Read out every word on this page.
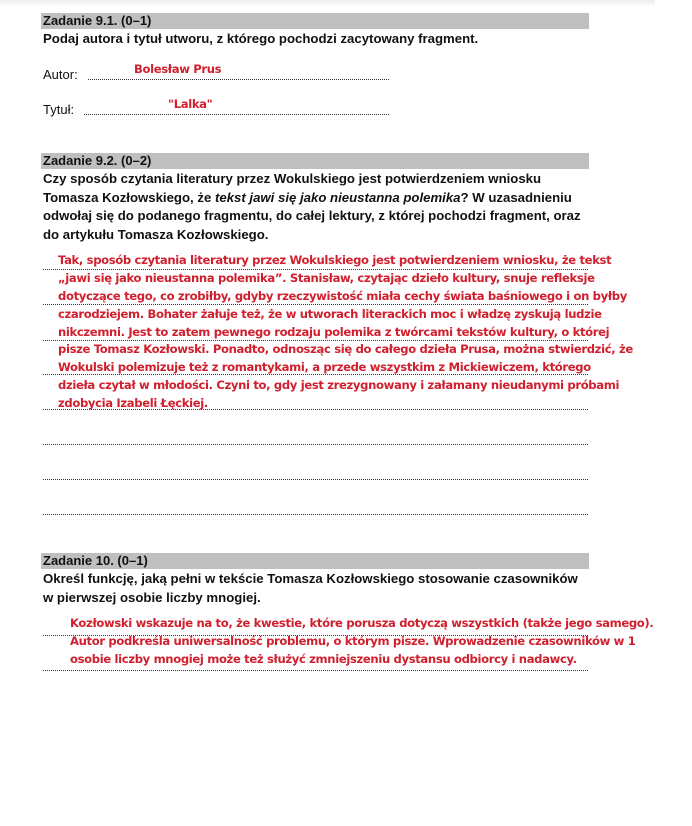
Zadanie 9.1. (0–1)
Podaj autora i tytuł utworu, z którego pochodzi zacytowany fragment.
Autor:	Bolesław Prus
Tytuł:	"Lalka"
Zadanie 9.2. (0–2)
Czy sposób czytania literatury przez Wokulskiego jest potwierdzeniem wniosku
Tomasza Kozłowskiego, że tekst jawi się jako nieustanna polemika? W uzasadnieniu
odwołaj się do podanego fragmentu, do całej lektury, z której pochodzi fragment, oraz
do artykułu Tomasza Kozłowskiego.
Tak, sposób czytania literatury przez Wokulskiego jest potwierdzeniem wniosku, że tekst
„jawi się jako nieustanna polemika”. Stanisław, czytając dzieło kultury, snuje refleksje
dotyczące tego, co zrobiłby, gdyby rzeczywistość miała cechy świata baśniowego i on byłby
czarodziejem. Bohater żałuje też, że w utworach literackich moc i władzę zyskują ludzie
nikczemni. Jest to zatem pewnego rodzaju polemika z twórcami tekstów kultury, o której
pisze Tomasz Kozłowski. Ponadto, odnosząc się do całego dzieła Prusa, można stwierdzić, że
Wokulski polemizuje też z romantykami, a przede wszystkim z Mickiewiczem, którego
dzieła czytał w młodości. Czyni to, gdy jest zrezygnowany i załamany nieudanymi próbami
zdobycia Izabeli Łęckiej.
Zadanie 10. (0–1)
Określ funkcję, jaką pełni w tekście Tomasza Kozłowskiego stosowanie czasowników
w pierwszej osobie liczby mnogiej.
Kozłowski wskazuje na to, że kwestie, które porusza dotyczą wszystkich (także jego samego).
Autor podkreśla uniwersalność problemu, o którym pisze. Wprowadzenie czasowników w 1
osobie liczby mnogiej może też służyć zmniejszeniu dystansu odbiorcy i nadawcy.
